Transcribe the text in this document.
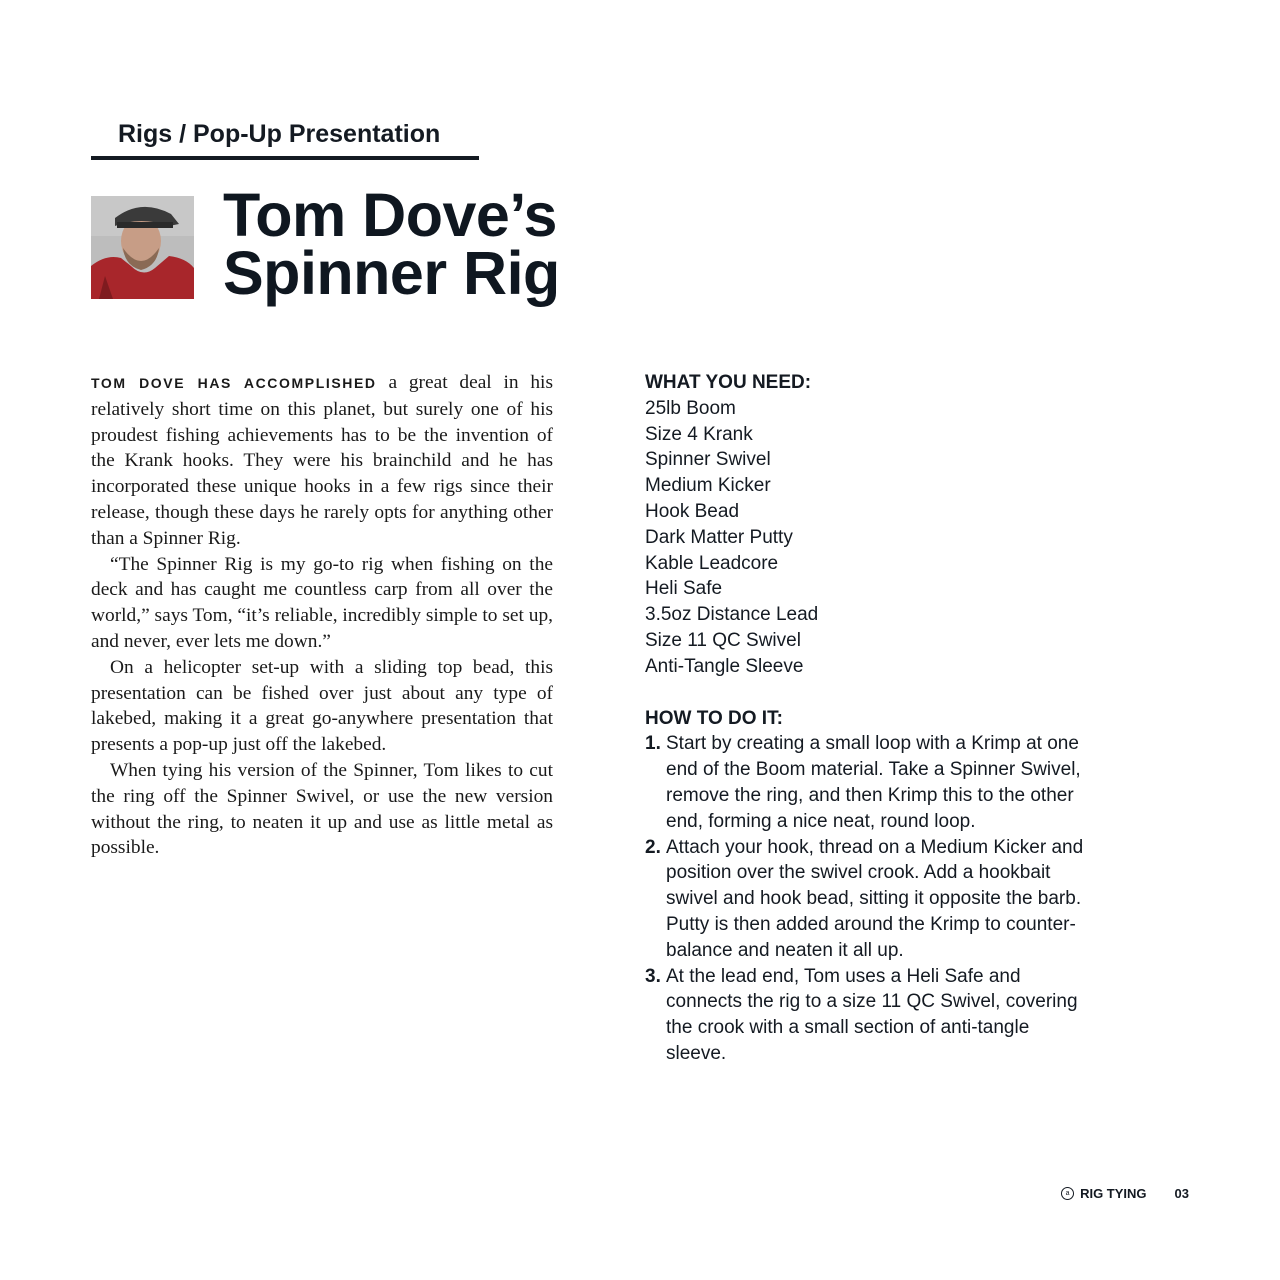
Rigs / Pop-Up Presentation
Tom Dove’s
Spinner Rig

TOM DOVE HAS ACCOMPLISHED a great deal in his relatively short time on this planet, but surely one of his proudest fishing achievements has to be the invention of the Krank hooks. They were his brainchild and he has incorporated these unique hooks in a few rigs since their release, though these days he rarely opts for anything other than a Spinner Rig.

“The Spinner Rig is my go-to rig when fishing on the deck and has caught me countless carp from all over the world,” says Tom, “it’s reliable, incredibly simple to set up, and never, ever lets me down.”

On a helicopter set-up with a sliding top bead, this presentation can be fished over just about any type of lakebed, making it a great go-anywhere presentation that presents a pop-up just off the lakebed.

When tying his version of the Spinner, Tom likes to cut the ring off the Spinner Swivel, or use the new version without the ring, to neaten it up and use as little metal as possible.

WHAT YOU NEED:

25lb Boom
Size 4 Krank
Spinner Swivel
Medium Kicker
Hook Bead
Dark Matter Putty
Kable Leadcore
Heli Safe
3.5oz Distance Lead
Size 11 QC Swivel
Anti-Tangle Sleeve

HOW TO DO IT:

1. Start by creating a small loop with a Krimp at one end of the Boom material. Take a Spinner Swivel, remove the ring, and then Krimp this to the other end, forming a nice neat, round loop.
2. Attach your hook, thread on a Medium Kicker and position over the swivel crook. Add a hookbait swivel and hook bead, sitting it opposite the barb. Putty is then added around the Krimp to counter-balance and neaten it all up.
3. At the lead end, Tom uses a Heli Safe and connects the rig to a size 11 QC Swivel, covering the crook with a small section of anti-tangle sleeve.
a RIG TYING 03
